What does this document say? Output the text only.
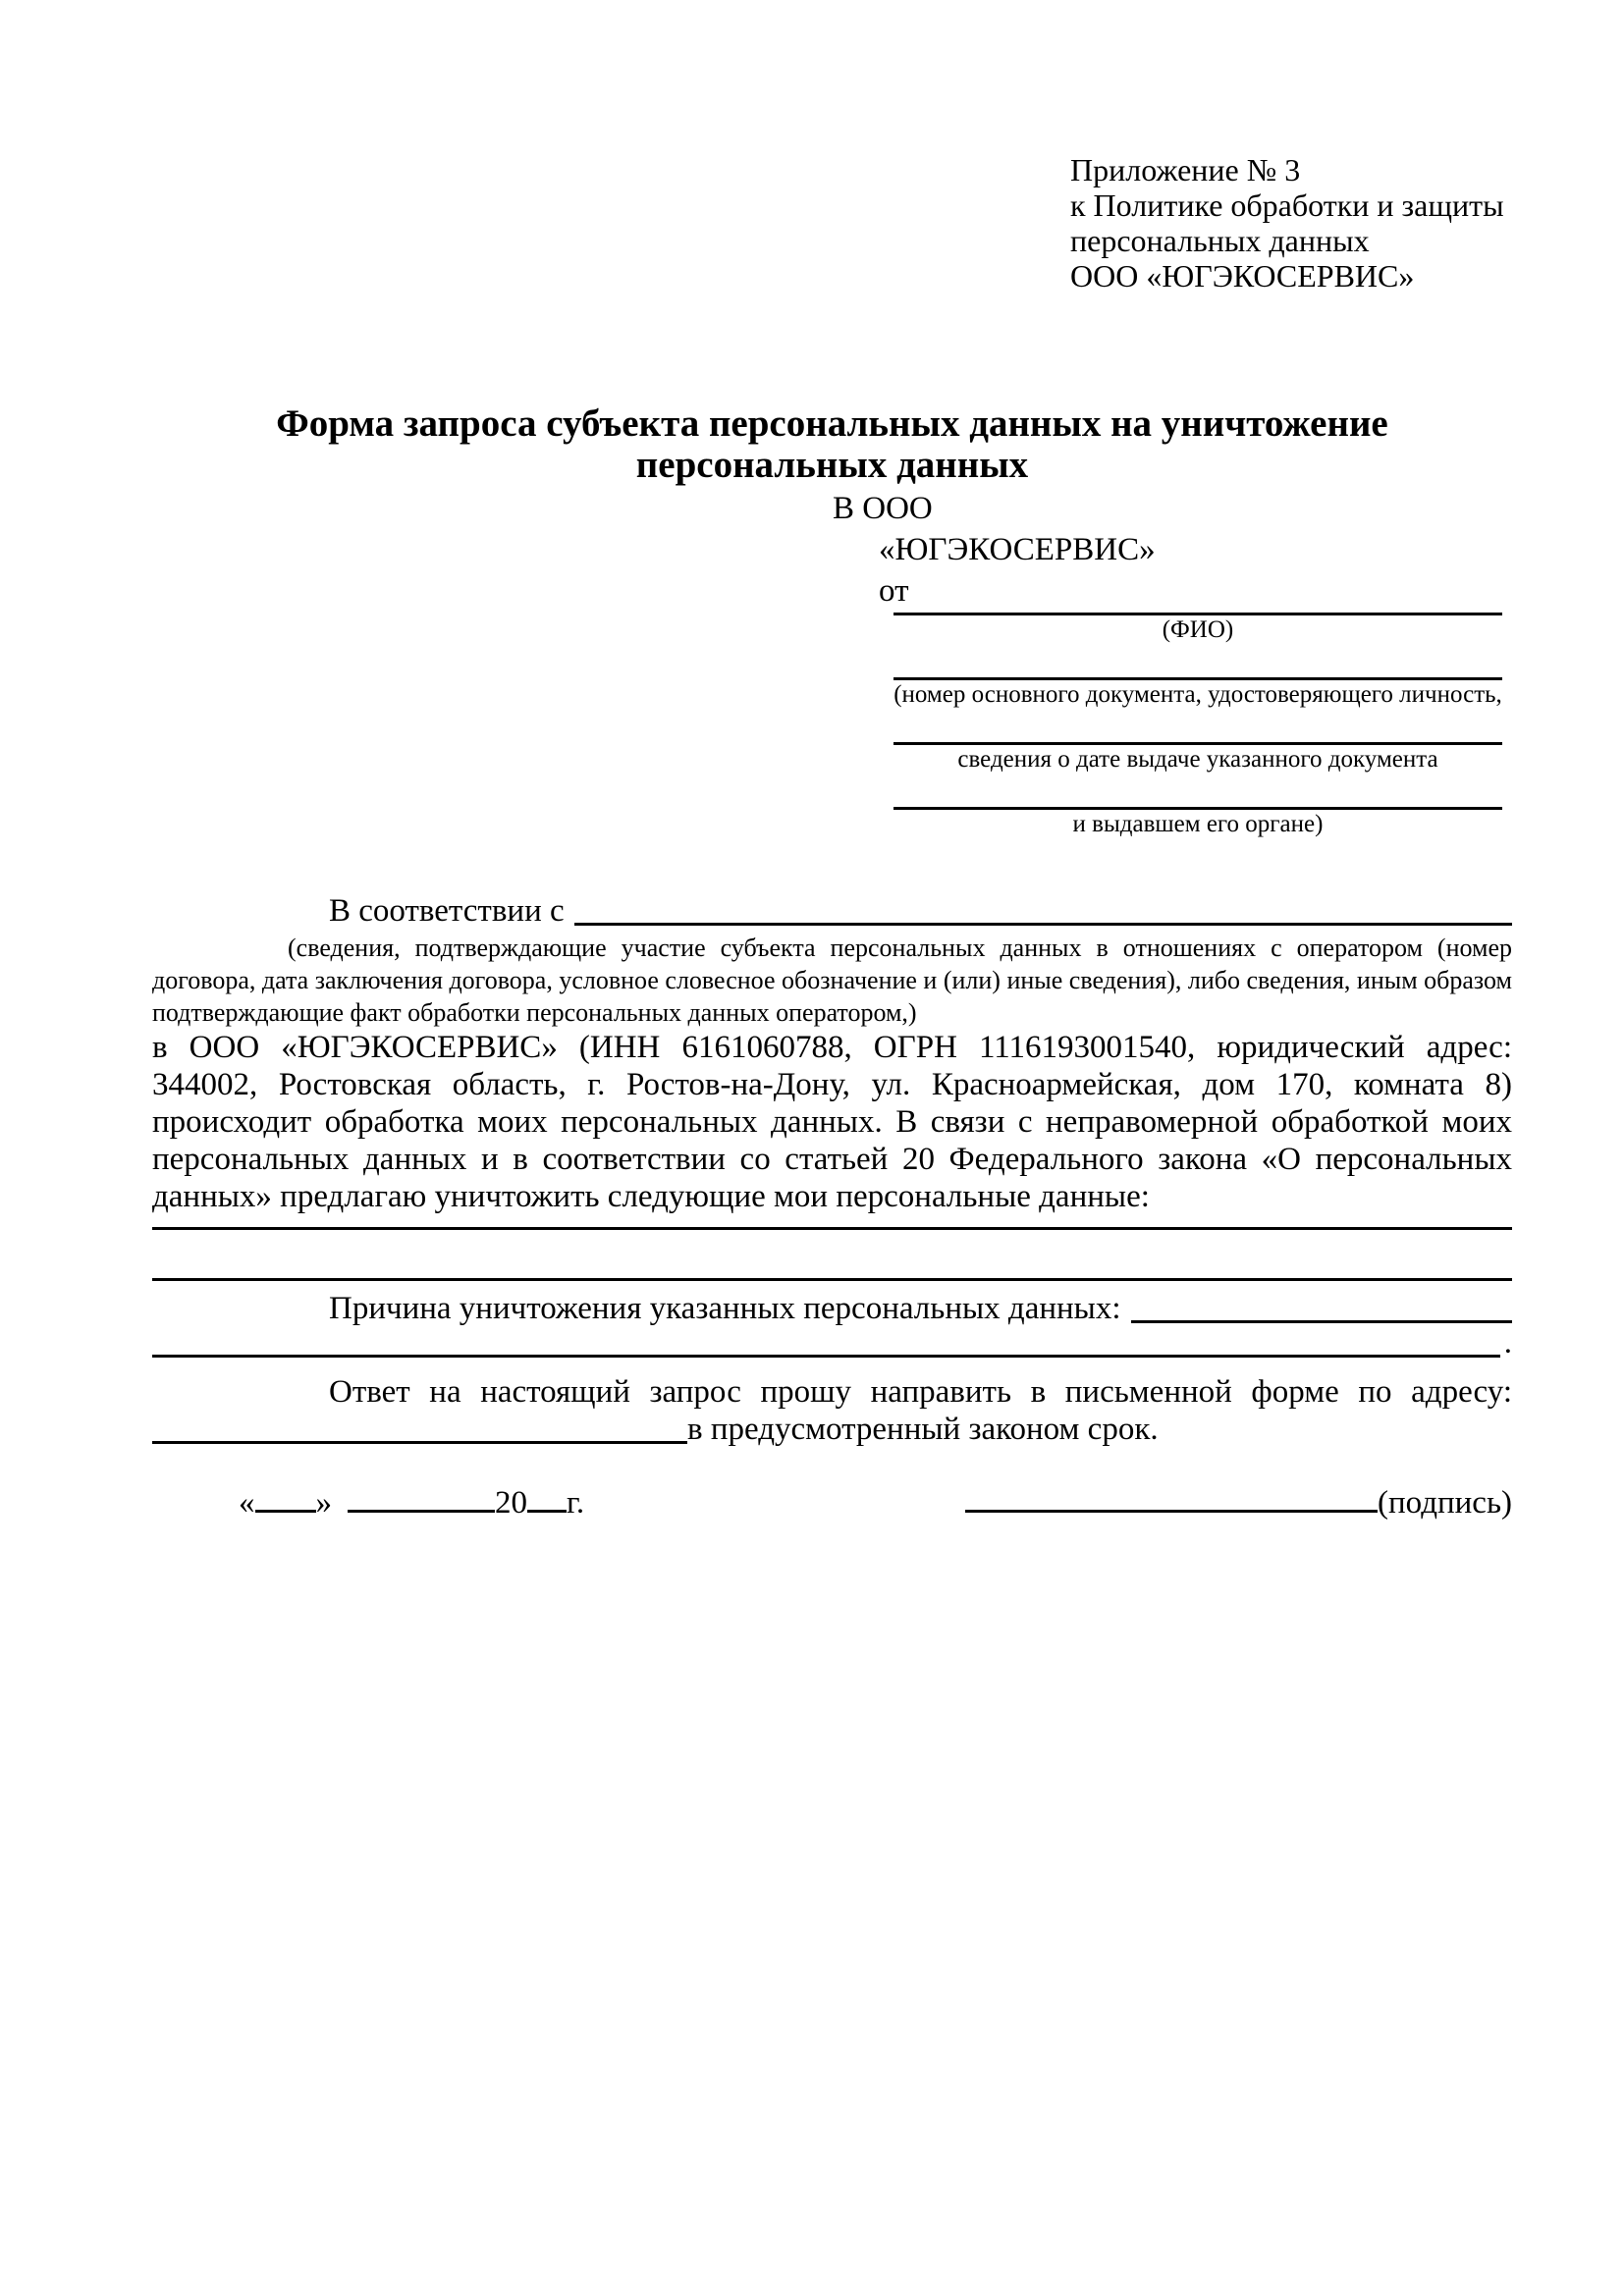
Приложение № 3
к Политике обработки и защиты
персональных данных
ООО «ЮГЭКОСЕРВИС»
Форма запроса субъекта персональных данных на уничтожение
персональных данных
В ООО
«ЮГЭКОСЕРВИС»
от
(ФИО)
(номер основного документа, удостоверяющего личность,
сведения о дате выдаче указанного документа
и выдавшем его органе)
В соответствии с
(сведения, подтверждающие участие субъекта персональных данных в отношениях с оператором (номер договора, дата заключения договора, условное словесное обозначение и (или) иные сведения), либо сведения, иным образом подтверждающие факт обработки персональных данных оператором,)
в ООО «ЮГЭКОСЕРВИС» (ИНН 6161060788, ОГРН 1116193001540, юридический адрес: 344002, Ростовская область, г. Ростов-на-Дону, ул. Красноармейская, дом 170, комната 8) происходит обработка моих персональных данных. В связи с неправомерной обработкой моих персональных данных и в соответствии со статьей 20 Федерального закона «О персональных данных» предлагаю уничтожить следующие мои персональные данные:
Причина уничтожения указанных персональных данных:
.
Ответ на настоящий запрос прошу направить в письменной форме по адресу:
в предусмотренный законом срок.
« »	20 г.	(подпись)
